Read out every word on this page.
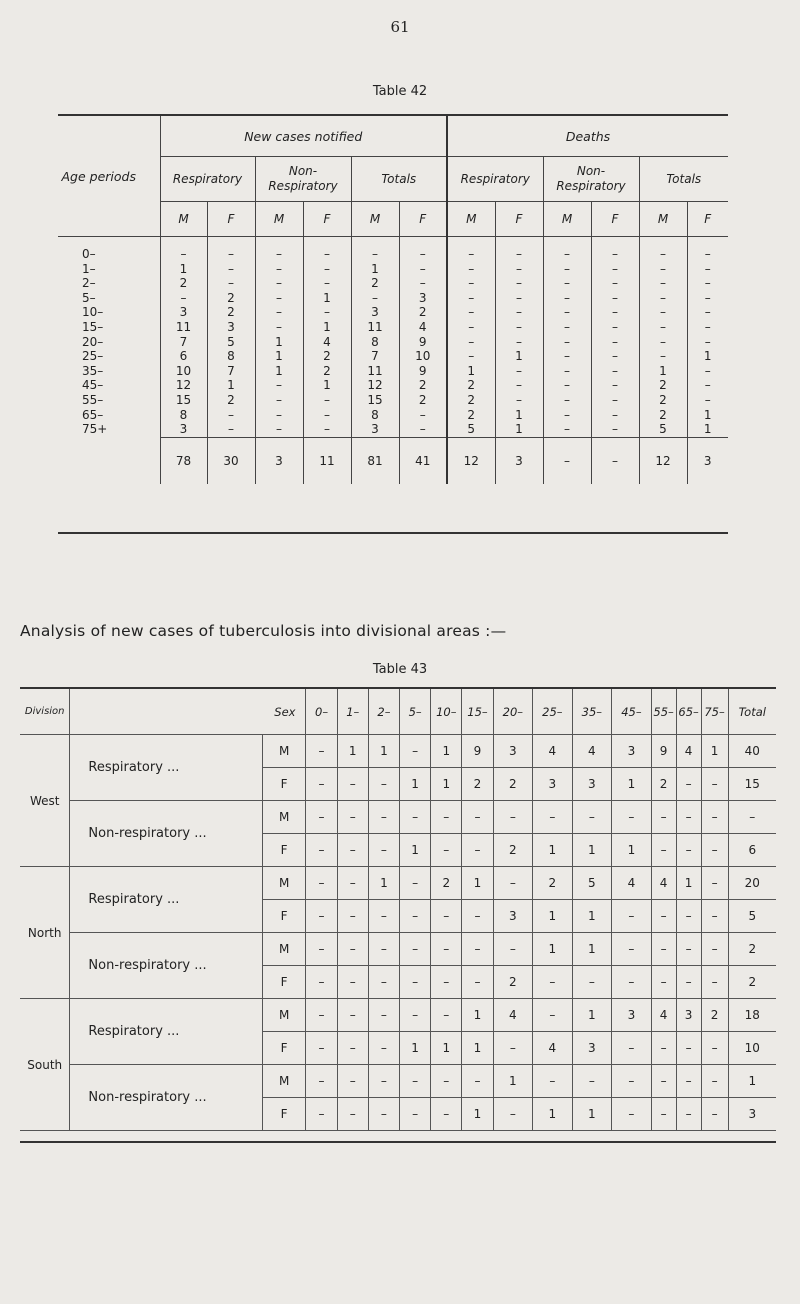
61
Table 42
Age periods	New cases notified						Deaths					
	Respiratory		Non- Respiratory		Totals		Respiratory		Non- Respiratory		Totals	
	M	F	M	F	M	F	M	F	M	F	M	F
0–	–	–	–	–	–	–	–	–	–	–	–	–
1–	1	–	–	–	1	–	–	–	–	–	–	–
2–	2	–	–	–	2	–	–	–	–	–	–	–
5–	–	2	–	1	–	3	–	–	–	–	–	–
10–	3	2	–	–	3	2	–	–	–	–	–	–
15–	11	3	–	1	11	4	–	–	–	–	–	–
20–	7	5	1	4	8	9	–	–	–	–	–	–
25–	6	8	1	2	7	10	–	1	–	–	–	1
35–	10	7	1	2	11	9	1	–	–	–	1	–
45–	12	1	–	1	12	2	2	–	–	–	2	–
55–	15	2	–	–	15	2	2	–	–	–	2	–
65–	8	–	–	–	8	–	2	1	–	–	2	1
75+	3	–	–	–	3	–	5	1	–	–	5	1
	78	30	3	11	81	41	12	3	–	–	12	3
Analysis of new cases of tuberculosis into divisional areas :—
Table 43
Division	Sex		0–	1–	2–	5–	10–	15–	20–	25–	35–	45–	55–	65–	75–	Total
West	Respiratory ...	M	–	1	1	–	1	9	3	4	4	3	9	4	1	40
		F	–	–	–	1	1	2	2	3	3	1	2	–	–	15
	Non-respiratory ...	M	–	–	–	–	–	–	–	–	–	–	–	–	–	–
		F	–	–	–	1	–	–	2	1	1	1	–	–	–	6
North	Respiratory ...	M	–	–	1	–	2	1	–	2	5	4	4	1	–	20
		F	–	–	–	–	–	–	3	1	1	–	–	–	–	5
	Non-respiratory ...	M	–	–	–	–	–	–	–	1	1	–	–	–	–	2
		F	–	–	–	–	–	–	2	–	–	–	–	–	–	2
South	Respiratory ...	M	–	–	–	–	–	1	4	–	1	3	4	3	2	18
		F	–	–	–	1	1	1	–	4	3	–	–	–	–	10
	Non-respiratory ...	M	–	–	–	–	–	–	1	–	–	–	–	–	–	1
		F	–	–	–	–	–	1	–	1	1	–	–	–	–	3
